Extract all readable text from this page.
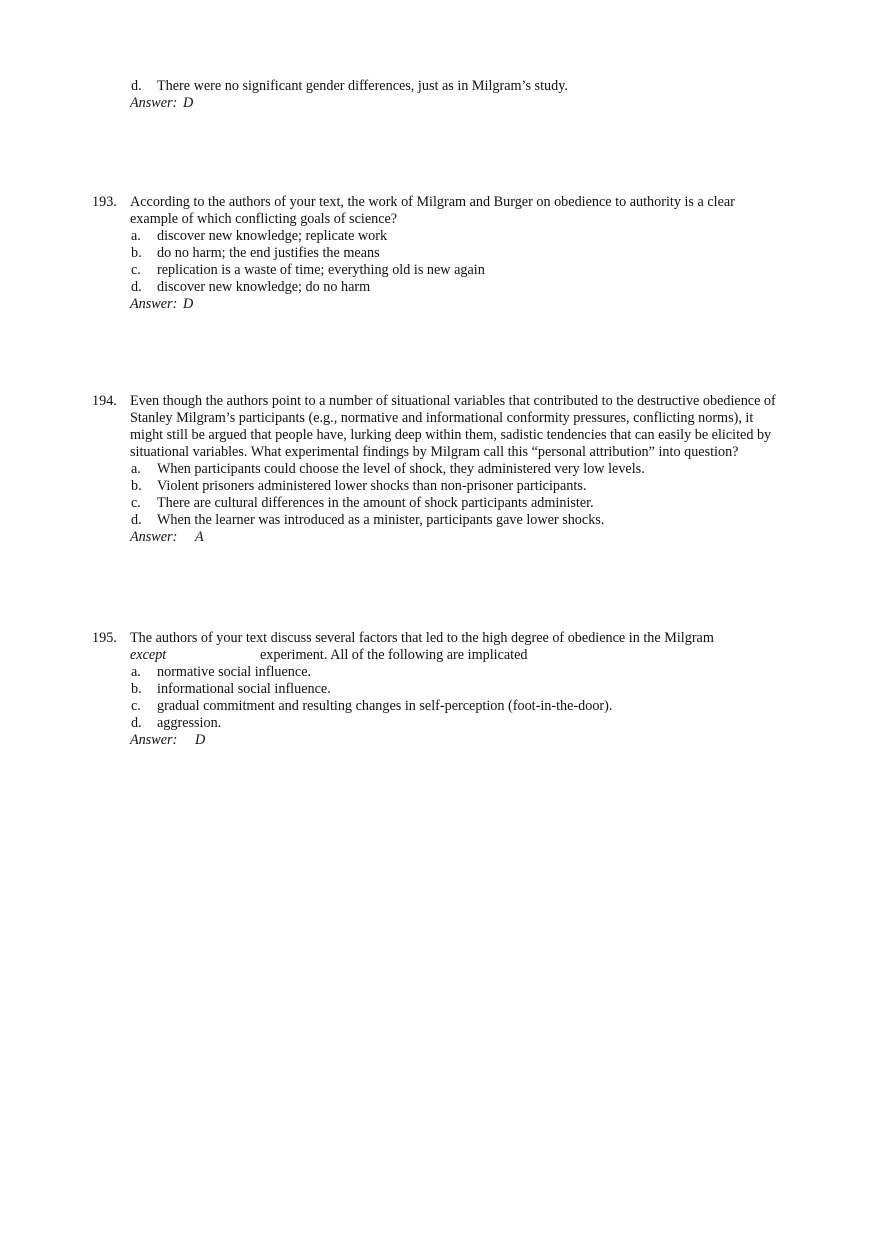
d. There were no significant gender differences, just as in Milgram’s study.
Answer: D
193. According to the authors of your text, the work of Milgram and Burger on obedience to authority is a clear
example of which conflicting goals of science?
a. discover new knowledge; replicate work
b. do no harm; the end justifies the means
c. replication is a waste of time; everything old is new again
d. discover new knowledge; do no harm
Answer: D
194. Even though the authors point to a number of situational variables that contributed to the destructive obedience of
Stanley Milgram’s participants (e.g., normative and informational conformity pressures, conflicting norms), it
might still be argued that people have, lurking deep within them, sadistic tendencies that can easily be elicited by
situational variables. What experimental findings by Milgram call this “personal attribution” into question?
a. When participants could choose the level of shock, they administered very low levels.
b. Violent prisoners administered lower shocks than non-prisoner participants.
c. There are cultural differences in the amount of shock participants administer.
d. When the learner was introduced as a minister, participants gave lower shocks.
Answer: A
195. The authors of your text discuss several factors that led to the high degree of obedience in the Milgram
experiment. All of the following are implicated
except
a. normative social influence.
b. informational social influence.
c. gradual commitment and resulting changes in self-perception (foot-in-the-door).
d. aggression.
Answer: D
